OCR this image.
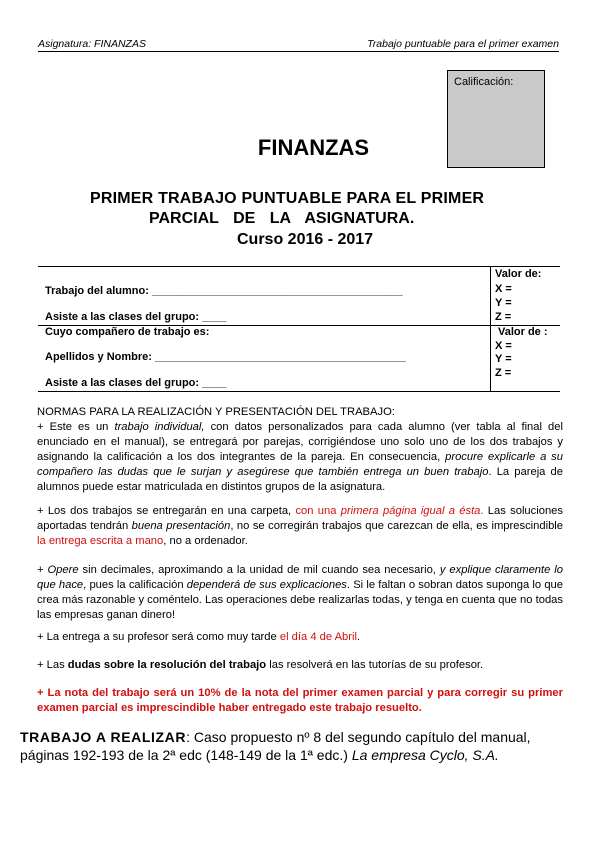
Asignatura: FINANZAS	Trabajo puntuable para el primer examen
Calificación:
FINANZAS
PRIMER TRABAJO PUNTUABLE PARA EL PRIMER
PARCIAL DE LA ASIGNATURA.
Curso 2016 - 2017
Trabajo del alumno: _________________________________________
Asiste a las clases del grupo: ____
Cuyo compañero de trabajo es:
Apellidos y Nombre: _________________________________________
Asiste a las clases del grupo: ____
Valor de:
X =
Y =
Z =
Valor de :
X =
Y =
Z =
NORMAS PARA LA REALIZACIÓN Y PRESENTACIÓN DEL TRABAJO:
+ Este es un trabajo individual, con datos personalizados para cada alumno (ver tabla al final del enunciado en el manual), se entregará por parejas, corrigiéndose uno solo uno de los dos trabajos y asignando la calificación a los dos integrantes de la pareja. En consecuencia, procure explicarle a su compañero las dudas que le surjan y asegúrese que también entrega un buen trabajo. La pareja de alumnos puede estar matriculada en distintos grupos de la asignatura.
+ Los dos trabajos se entregarán en una carpeta, con una primera página igual a ésta. Las soluciones aportadas tendrán buena presentación, no se corregirán trabajos que carezcan de ella, es imprescindible la entrega escrita a mano, no a ordenador.
+ Opere sin decimales, aproximando a la unidad de mil cuando sea necesario, y explique claramente lo que hace, pues la calificación dependerá de sus explicaciones. Si le faltan o sobran datos suponga lo que crea más razonable y coméntelo. Las operaciones debe realizarlas todas, y tenga en cuenta que no todas las empresas ganan dinero!
+ La entrega a su profesor será como muy tarde el día 4 de Abril.
+ Las dudas sobre la resolución del trabajo las resolverá en las tutorías de su profesor.
+ La nota del trabajo será un 10% de la nota del primer examen parcial y para corregir su primer examen parcial es imprescindible haber entregado este trabajo resuelto.
TRABAJO A REALIZAR: Caso propuesto nº 8 del segundo capítulo del manual, páginas 192-193 de la 2ª edc (148-149 de la 1ª edc.) La empresa Cyclo, S.A.
